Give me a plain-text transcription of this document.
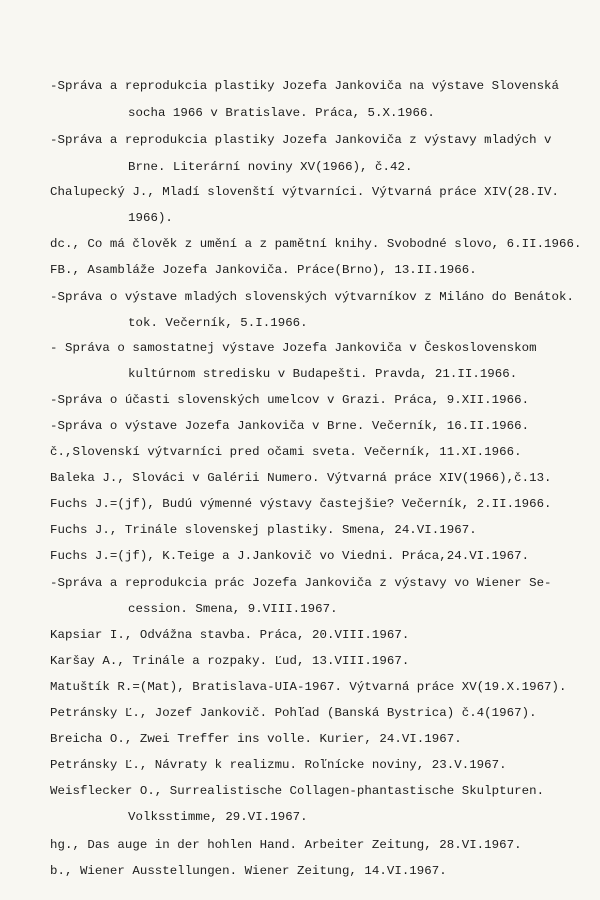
-Správa a reprodukcia plastiky Jozefa Jankoviča na výstave Slovenská
socha 1966 v Bratislave. Práca, 5.X.1966.
-Správa a reprodukcia plastiky Jozefa Jankoviča z výstavy mladých v
Brne. Literární noviny XV(1966), č.42.
Chalupecký J., Mladí slovenští výtvarníci. Výtvarná práce XIV(28.IV.
1966).
dc., Co má člověk z umění a z pamětní knihy. Svobodné slovo, 6.II.1966.
FB., Asambláže Jozefa Jankoviča. Práce(Brno), 13.II.1966.
-Správa o výstave mladých slovenských výtvarníkov z Miláno do Benátok.
tok. Večerník, 5.I.1966.
- Správa o samostatnej výstave Jozefa Jankoviča v Československom
kultúrnom stredisku v Budapešti. Pravda, 21.II.1966.
-Správa o účasti slovenských umelcov v Grazi. Práca, 9.XII.1966.
-Správa o výstave Jozefa Jankoviča v Brne. Večerník, 16.II.1966.
č.,Slovenskí výtvarníci pred očami sveta. Večerník, 11.XI.1966.
Baleka J., Slováci v Galérii Numero. Výtvarná práce XIV(1966),č.13.
Fuchs J.=(jf), Budú výmenné výstavy častejšie? Večerník, 2.II.1966.
Fuchs J., Trinále slovenskej plastiky. Smena, 24.VI.1967.
Fuchs J.=(jf), K.Teige a J.Jankovič vo Viedni. Práca,24.VI.1967.
-Správa a reprodukcia prác Jozefa Jankoviča z výstavy vo Wiener Se-
cession. Smena, 9.VIII.1967.
Kapsiar I., Odvážna stavba. Práca, 20.VIII.1967.
Karšay A., Trinále a rozpaky. Ľud, 13.VIII.1967.
Matuštík R.=(Mat), Bratislava-UIA-1967. Výtvarná práce XV(19.X.1967).
Petránsky Ľ., Jozef Jankovič. Pohľad (Banská Bystrica) č.4(1967).
Breicha O., Zwei Treffer ins volle. Kurier, 24.VI.1967.
Petránsky Ľ., Návraty k realizmu. Roľnícke noviny, 23.V.1967.
Weisflecker O., Surrealistische Collagen-phantastische Skulpturen.
Volksstimme, 29.VI.1967.
hg., Das auge in der hohlen Hand. Arbeiter Zeitung, 28.VI.1967.
b., Wiener Ausstellungen. Wiener Zeitung, 14.VI.1967.
